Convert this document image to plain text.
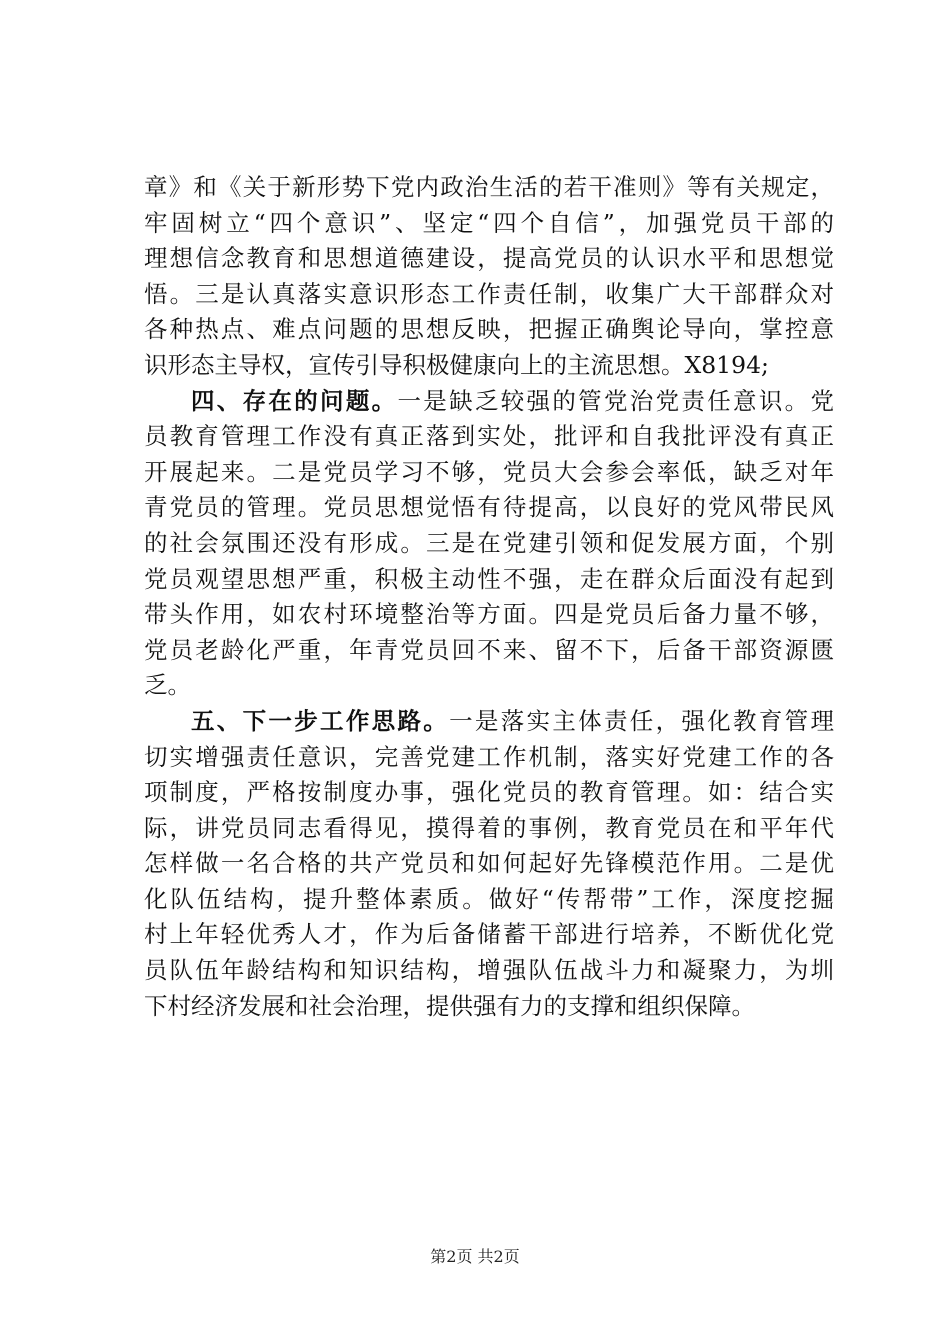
章》和《关于新形势下党内政治生活的若干准则》等有关规定，
牢固树立“四个意识”、坚定“四个自信”，加强党员干部的
理想信念教育和思想道德建设，提高党员的认识水平和思想觉
悟。三是认真落实意识形态工作责任制，收集广大干部群众对
各种热点、难点问题的思想反映，把握正确舆论导向，掌控意
识形态主导权，宣传引导积极健康向上的主流思想。X8194;
四、存在的问题。一是缺乏较强的管党治党责任意识。党
员教育管理工作没有真正落到实处，批评和自我批评没有真正
开展起来。二是党员学习不够，党员大会参会率低，缺乏对年
青党员的管理。党员思想觉悟有待提高，以良好的党风带民风
的社会氛围还没有形成。三是在党建引领和促发展方面，个别
党员观望思想严重，积极主动性不强，走在群众后面没有起到
带头作用，如农村环境整治等方面。四是党员后备力量不够，
党员老龄化严重，年青党员回不来、留不下，后备干部资源匮
乏。
五、下一步工作思路。一是落实主体责任，强化教育管理
切实增强责任意识，完善党建工作机制，落实好党建工作的各
项制度，严格按制度办事，强化党员的教育管理。如：结合实
际，讲党员同志看得见，摸得着的事例，教育党员在和平年代
怎样做一名合格的共产党员和如何起好先锋模范作用。二是优
化队伍结构，提升整体素质。做好“传帮带”工作，深度挖掘
村上年轻优秀人才，作为后备储蓄干部进行培养，不断优化党
员队伍年龄结构和知识结构，增强队伍战斗力和凝聚力，为圳
下村经济发展和社会治理，提供强有力的支撑和组织保障。
第2页 共2页
